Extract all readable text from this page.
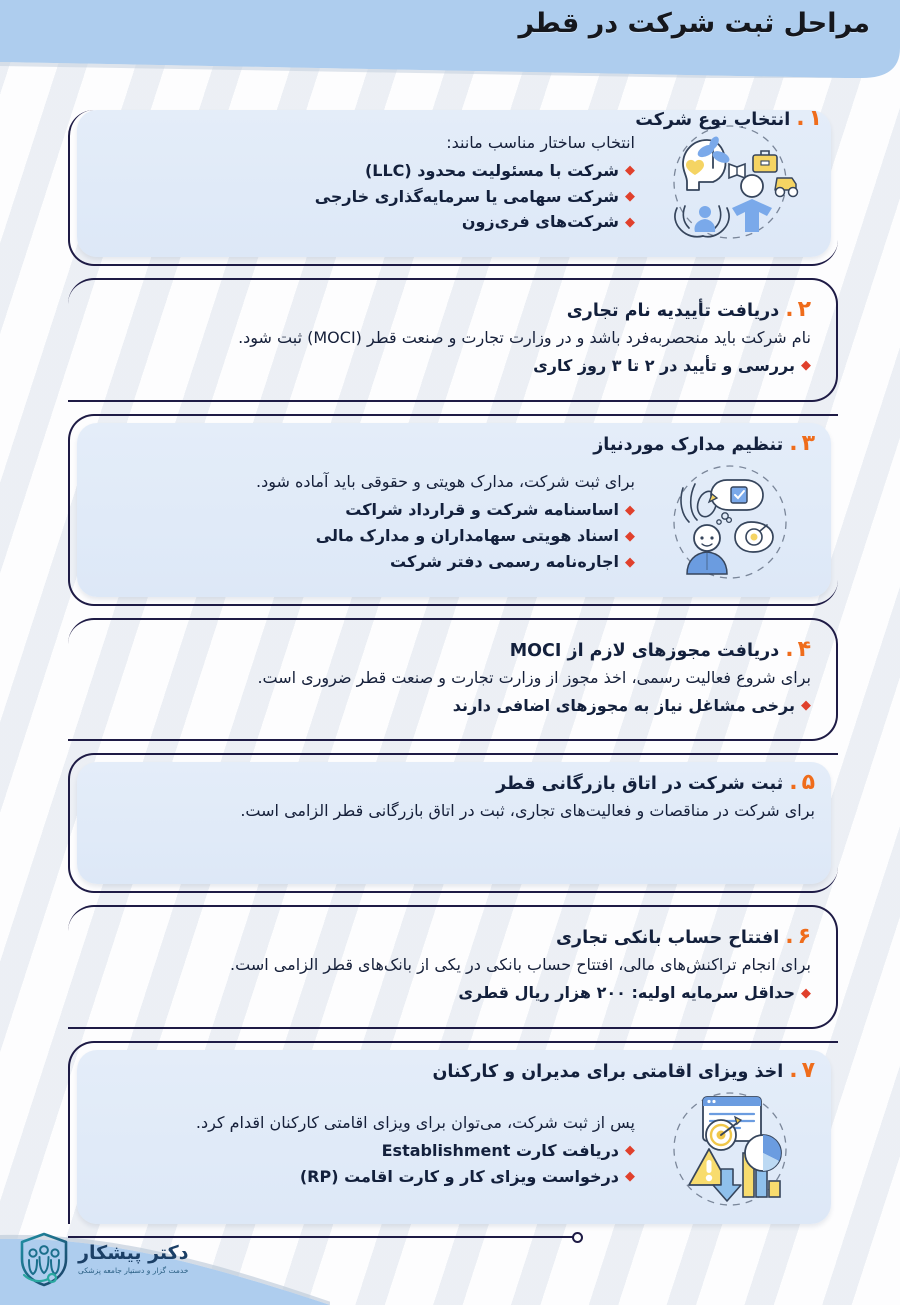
مراحل ثبت شرکت در قطر
۱
.
انتخاب نوع شرکت
انتخاب ساختار مناسب مانند:
◆
شرکت با مسئولیت محدود (LLC)
◆
شرکت سهامی یا سرمایه‌گذاری خارجی
◆
شرکت‌های فری‌زون
۲
.
دریافت تأییدیه نام تجاری
نام شرکت باید منحصربه‌فرد باشد و در وزارت تجارت و صنعت قطر (MOCI) ثبت شود.
◆
بررسی و تأیید در ۲ تا ۳ روز کاری
۳
.
تنظیم مدارک موردنیاز
برای ثبت شرکت، مدارک هویتی و حقوقی باید آماده شود.
◆
اساسنامه شرکت و قرارداد شراکت
◆
اسناد هویتی سهامداران و مدارک مالی
◆
اجاره‌نامه رسمی دفتر شرکت
۴
.
دریافت مجوزهای لازم از MOCI
برای شروع فعالیت رسمی، اخذ مجوز از وزارت تجارت و صنعت قطر ضروری است.
◆
برخی مشاغل نیاز به مجوزهای اضافی دارند
۵
.
ثبت شرکت در اتاق بازرگانی قطر
برای شرکت در مناقصات و فعالیت‌های تجاری، ثبت در اتاق بازرگانی قطر الزامی است.
۶
.
افتتاح حساب بانکی تجاری
برای انجام تراکنش‌های مالی، افتتاح حساب بانکی در یکی از بانک‌های قطر الزامی است.
◆
حداقل سرمایه اولیه: ۲۰۰ هزار ریال قطری
۷
.
اخذ ویزای اقامتی برای مدیران و کارکنان
پس از ثبت شرکت، می‌توان برای ویزای اقامتی کارکنان اقدام کرد.
◆
دریافت کارت Establishment
◆
درخواست ویزای کار و کارت اقامت (RP)
دکتر پیشکار
خدمت گزار و دستیار جامعه پزشکی
